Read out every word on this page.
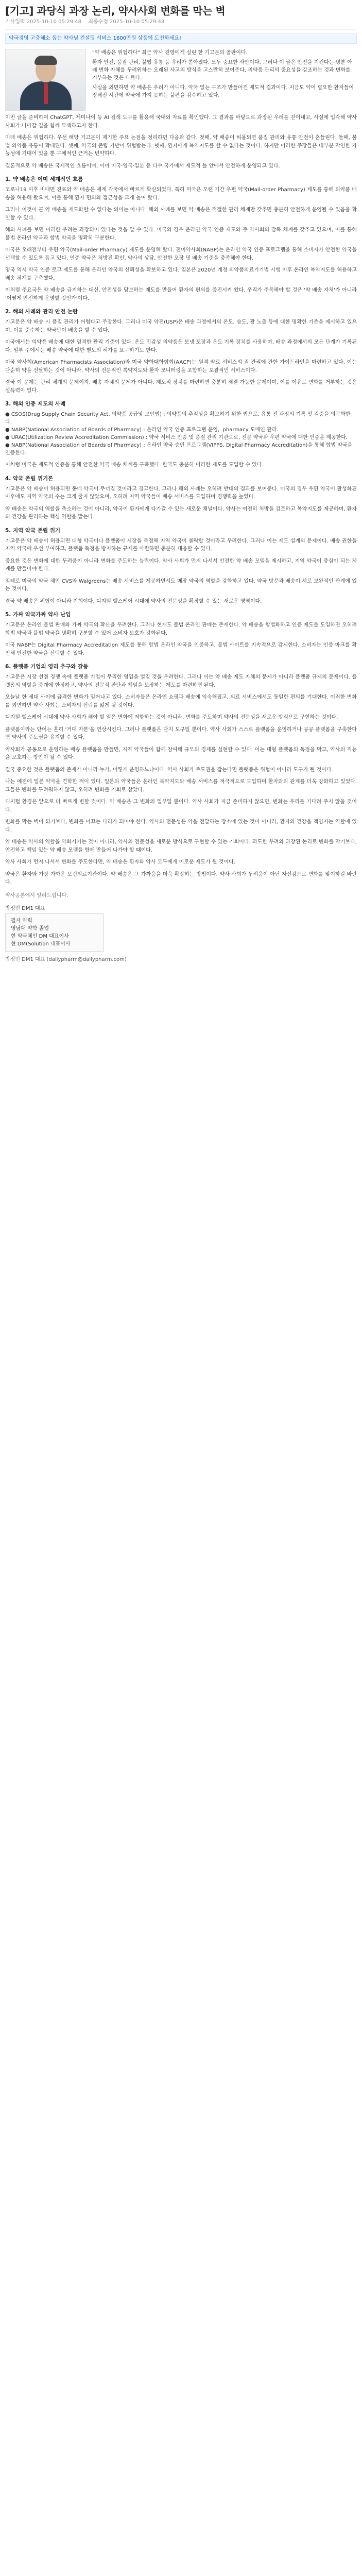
[기고] 과당식 과장 논리, 약사사회 변화를 막는 벽
기사입력 2025-10-10 05:29:48 최종수정 2025-10-10 05:29:48
약국경영 고충해소 돕는 약사님 컨설팅 서비스 1600만원 상품에 도전하세요!

"약 배송은 위험하다" 최근 약사 진영에게 실린 한 기고문의 골판이다.

환자 안전, 품질 관리, 불법 유통 등 우려가 쏟아졌다. 모두 중요한 사안이다. 그러나 이 글은 안전을 지킨다는 명분 아래 변화 자체를 두려워하는 오래된 사고의 방식을 고스란히 보여준다. 의약품 관리의 중요성을 강조하는 것과 변화를 거부하는 것은 다르다.

사실을 외면하면 약 배송은 우려가 아니다. 약국 없는 구조가 만들어진 제도적 결과이다. 지금도 약이 필요한 환자들이 정해진 시간에 약국에 가지 못하는 불편을 감수하고 있다.

이번 글을 준비하며 ChatGPT, 제미나이 등 AI 검색 도구를 활용해 국내외 자료를 확인했다. 그 결과를 바탕으로 과장된 우려를 걷어내고, 사실에 입각해 약사 사회가 나아갈 길을 함께 모색하고자 한다.

미래 배송은 위험하다. 우선 해당 기고문이 제기한 주요 논점을 정리하면 다음과 같다. 첫째, 약 배송이 허용되면 품질 관리와 유통 안전이 흔들린다. 둘째, 불법 의약품 유통이 확대된다. 셋째, 약국의 존립 기반이 위협받는다. 넷째, 환자에게 복약지도를 할 수 없다는 것이다. 하지만 이러한 주장들은 대부분 막연한 가능성에 기대어 있을 뿐 구체적인 근거는 빈약하다.

결론적으로 약 배송은 국제적인 흐름이며, 이미 미국·영국·일본 등 다수 국가에서 제도적 틀 안에서 안전하게 운영되고 있다.

1. 약 배송은 이미 세계적인 흐름

코로나19 이후 비대면 진료와 약 배송은 세계 각국에서 빠르게 확산되었다. 특히 미국은 오랜 기간 우편 약국(Mail-order Pharmacy) 제도를 통해 의약품 배송을 허용해 왔으며, 이를 통해 환자 편의와 접근성을 크게 높여 왔다.

그러나 이것이 곧 약 배송을 제도화할 수 없다는 의미는 아니다. 해외 사례를 보면 약 배송은 적절한 관리 체계만 갖추면 충분히 안전하게 운영될 수 있음을 확인할 수 있다.

해외 사례를 보면 이러한 우려는 과장되어 있다는 것을 알 수 있다. 미국의 경우 온라인 약국 인증 제도와 주 약사회의 감독 체계를 갖추고 있으며, 이를 통해 불법 온라인 약국과 합법 약국을 명확히 구분한다.

미국은 오래전부터 우편 약국(Mail-order Pharmacy) 제도를 운영해 왔다. 전미약사회(NABP)는 온라인 약국 인증 프로그램을 통해 소비자가 안전한 약국을 선택할 수 있도록 돕고 있다. 인증 약국은 처방전 확인, 약사의 상담, 안전한 포장 및 배송 기준을 충족해야 한다.

영국 역시 약국 인증 로고 제도를 통해 온라인 약국의 신뢰성을 확보하고 있다. 일본은 2020년 개정 의약품의료기기법 시행 이후 온라인 복약지도를 허용하고 배송 체계를 구축했다.

이처럼 주요국은 약 배송을 금지하는 대신, 안전성을 담보하는 제도를 만들어 환자의 편의를 증진시켜 왔다. 우리가 주목해야 할 것은 '약 배송 자체'가 아니라 '어떻게 안전하게 운영할 것인가'이다.

2. 해외 사례와 관리 안전 논란

기고문은 약 배송 시 품질 관리가 어렵다고 주장한다. 그러나 미국 약전(USP)은 배송 과정에서의 온도, 습도, 광 노출 등에 대한 명확한 기준을 제시하고 있으며, 이를 준수하는 약국만이 배송을 할 수 있다.

미국에서는 의약품 배송에 대한 엄격한 관리 기준이 있다. 온도 민감성 의약품은 보냉 포장과 온도 기록 장치를 사용하며, 배송 과정에서의 모든 단계가 기록된다. 일부 주에서는 배송 약국에 대한 별도의 허가를 요구하기도 한다.

미국 약사회(American Pharmacists Association)와 미국 약학대학협회(AACP)는 원격 약료 서비스의 질 관리에 관한 가이드라인을 마련하고 있다. 이는 단순히 약을 전달하는 것이 아니라, 약사의 전문적인 복약지도와 환자 모니터링을 포함하는 포괄적인 서비스이다.

결국 이 문제는 관리 체계의 문제이지, 배송 자체의 문제가 아니다. 제도적 장치를 마련하면 충분히 해결 가능한 문제이며, 이를 이유로 변화를 거부하는 것은 설득력이 없다.

3. 해외 인증 제도의 사례
● CSOS(Drug Supply Chain Security Act, 의약품 공급망 보안법) : 의약품의 추적성을 확보하기 위한 법으로, 유통 전 과정의 기록 및 검증을 의무화한다.
● NABP(National Association of Boards of Pharmacy) : 온라인 약국 인증 프로그램 운영, .pharmacy 도메인 관리.
● URAC(Utilization Review Accreditation Commission) : 약국 서비스 인증 및 품질 관리 기관으로, 전문 약국과 우편 약국에 대한 인증을 제공한다.
● NABP(National Association of Boards of Pharmacy) : 온라인 약국 승인 프로그램(VIPPS, Digital Pharmacy Accreditation)을 통해 합법 약국을 인증한다.

이처럼 미국은 제도적 인증을 통해 안전한 약국 배송 체계를 구축했다. 한국도 충분히 이러한 제도를 도입할 수 있다.

4. 약국 존립 위기론

기고문은 약 배송이 허용되면 동네 약국이 무너질 것이라고 경고한다. 그러나 해외 사례는 오히려 반대의 결과를 보여준다. 미국의 경우 우편 약국이 활성화된 이후에도 지역 약국의 수는 크게 줄지 않았으며, 오히려 지역 약국들이 배송 서비스를 도입하며 경쟁력을 높였다.

약 배송은 약국의 역할을 축소하는 것이 아니라, 약국이 환자에게 다가갈 수 있는 새로운 채널이다. 약사는 여전히 처방을 검토하고 복약지도를 제공하며, 환자의 건강을 관리하는 핵심 역할을 맡는다.

5. 지역 약국 존립 위기

기고문은 약 배송이 허용되면 대형 약국이나 플랫폼이 시장을 독점해 지역 약국이 몰락할 것이라고 우려한다. 그러나 이는 제도 설계의 문제이다. 배송 권한을 지역 약국에 우선 부여하고, 플랫폼 독점을 방지하는 규제를 마련하면 충분히 대응할 수 있다.

중요한 것은 변화에 대한 두려움이 아니라 변화를 주도하는 능력이다. 약사 사회가 먼저 나서서 안전한 약 배송 모델을 제시하고, 지역 약국이 중심이 되는 체계를 만들어야 한다.

일례로 미국의 약국 체인 CVS와 Walgreens는 배송 서비스를 제공하면서도 매장 약국의 역할을 강화하고 있다. 약국 방문과 배송이 서로 보완적인 관계에 있는 것이다.

결국 약 배송은 위협이 아니라 기회이다. 디지털 헬스케어 시대에 약사의 전문성을 확장할 수 있는 새로운 영역이다.

5. 가짜 약국가짜 약사 난입

기고문은 온라인 불법 판매와 가짜 약국의 확산을 우려한다. 그러나 현재도 불법 온라인 판매는 존재한다. 약 배송을 합법화하고 인증 제도를 도입하면 오히려 합법 약국과 불법 약국을 명확히 구분할 수 있어 소비자 보호가 강화된다.

미국 NABP는 Digital Pharmacy Accreditation 제도를 통해 합법 온라인 약국을 인증하고, 불법 사이트를 지속적으로 감시한다. 소비자는 인증 마크를 확인해 안전한 약국을 선택할 수 있다.

6. 플랫폼 기업의 영리 추구와 갈등

기고문은 시장 선점 경쟁 속에 플랫폼 기업이 무리한 영업을 벌일 것을 우려한다. 그러나 이는 약 배송 제도 자체의 문제가 아니라 플랫폼 규제의 문제이다. 플랫폼의 역할을 중개에 한정하고, 약사의 전문적 판단과 책임을 보장하는 제도를 마련하면 된다.

오늘날 한 세대 사이에 급격한 변화가 일어나고 있다. 소비자들은 온라인 쇼핑과 배송에 익숙해졌고, 의료 서비스에서도 동일한 편의를 기대한다. 이러한 변화를 외면하면 약사 사회는 소비자의 신뢰를 잃게 될 것이다.

디지털 헬스케어 시대에 약사 사회가 해야 할 일은 변화에 저항하는 것이 아니라, 변화를 주도하며 약사의 전문성을 새로운 방식으로 구현하는 것이다.

플랫폼이라는 단어는 흔히 '거대 자본'을 연상시킨다. 그러나 플랫폼은 단지 도구일 뿐이다. 약사 사회가 스스로 플랫폼을 운영하거나 공공 플랫폼을 구축한다면 약사의 주도권을 유지할 수 있다.

약사회가 공동으로 운영하는 배송 플랫폼을 만들면, 지역 약국들이 함께 참여해 규모의 경제를 실현할 수 있다. 이는 대형 플랫폼의 독점을 막고, 약사의 직능을 보호하는 방안이 될 수 있다.

결국 중요한 것은 플랫폼의 존재가 아니라 누가, 어떻게 운영하느냐이다. 약사 사회가 주도권을 잡는다면 플랫폼은 위협이 아니라 도구가 될 것이다.

나는 예전에 일본 약국을 견학한 적이 있다. 일본의 약국들은 온라인 복약지도와 배송 서비스를 적극적으로 도입하며 환자와의 관계를 더욱 강화하고 있었다. 그들은 변화를 두려워하지 않고, 오히려 변화를 기회로 삼았다.

디지털 환경은 앞으로 더 빠르게 변할 것이다. 약 배송은 그 변화의 일부일 뿐이다. 약사 사회가 지금 준비하지 않으면, 변화는 우리를 기다려 주지 않을 것이다.

변화를 막는 벽이 되기보다, 변화를 이끄는 다리가 되어야 한다. 약사의 전문성은 약을 전달하는 장소에 있는 것이 아니라, 환자의 건강을 책임지는 역할에 있다.

약 배송은 약사의 역할을 약화시키는 것이 아니라, 약사의 전문성을 새로운 방식으로 구현할 수 있는 기회이다. 과도한 우려와 과장된 논리로 변화를 막기보다, 안전하고 책임 있는 약 배송 모델을 함께 만들어 나가야 할 때이다.

약사 사회가 먼저 나서서 변화를 주도한다면, 약 배송은 환자와 약사 모두에게 이로운 제도가 될 것이다.

약국은 환자와 가장 가까운 보건의료기관이다. 약 배송은 그 가까움을 더욱 확장하는 방법이다. 약사 사회가 두려움이 아닌 자신감으로 변화를 맞이하길 바란다.

약사공론에서 알려드립니다.
박정민 DM1 대표
필자 약력
영남대 약학 졸업
현 약국체인 DM 대표이사
현 DM(Solution 대표이사
박정민 DM1 대표 (dailypharm@dailypharm.com)
